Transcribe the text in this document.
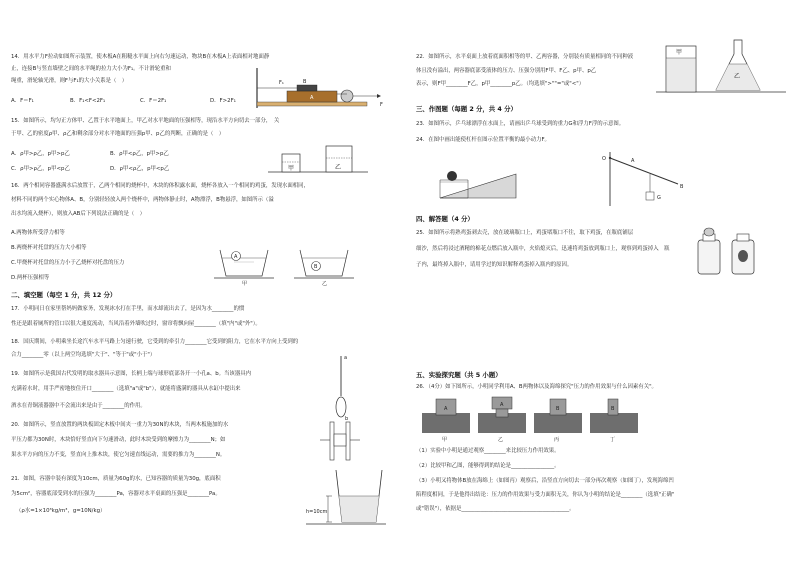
14．用水平力F拉动如图所示装置，使木板A在粗糙水平面上向右匀速运动，物块B在木板A上表面相对地面静
止，连接B与竖直墙壁之间的水平绳的拉力大小为F₁。不计滑轮重和
绳重，滑轮轴光滑，则F与F₁的大小关系是（　）
A．F＝F₁	B．F₁<F<2F₁	C．F＝2F₁	D．F>2F₁
F₁	B
A
F
15．如图所示，均匀正方体甲、乙置于水平地面上，甲乙对水平地面的压强相等，现沿水平方向切去一部分，　关
于甲、乙的密度ρ甲、ρ乙和剩余部分对水平地面的压强p甲、p乙的判断，正确的是（　）
A．ρ甲>ρ乙，p甲>p乙	B．ρ甲<ρ乙，p甲>p乙
C．ρ甲>ρ乙，p甲<p乙	D．ρ甲<ρ乙，p甲<p乙	甲	乙
16．两个相同容器盛满水后放置于，乙两个相同的烧杯中，木块的体积露水面，烧杯各放入一个相同的鸡蛋，发现水面相同，
材料不同的两个实心物体A、B，分别轻轻放入两个烧杯中，两物体静止时，A物漂浮，B物悬浮，如图所示（溢
出水均流入烧杯），则放入AB后下列说法正确的是（　）
A.两物体所受浮力相等
B.两烧杯对托盘的压力大小相等
C.甲烧杯对托盘的压力小于乙烧杯对托盘的压力
D.两杯压强相等
A
甲
B
乙
二、填空题（每空 1 分，共 12 分）
17．小明同日在家里帮妈妈做家务，发现冰水打在手里，而水却流出去了，是因为水________的惯
性还是跟着厕所的管口以很大速度流动，当风沿着外墙吹过时，窗帘将飘向屋________（填"内"或"外"）。
18．国庆期间，小明乘坐长途汽车水平马路上匀速行驶，它受到的牵引力________它受到的阻力，它在水平方向上受到的
合力________零（以上两空均选填"大于"、"等于"或"小于"）
19．如图所示是我国古代发明的取水器具示意图，长柄上端与球形底部各开一小孔a、b。当该器具内
充满着水时，用手严密地按住开口________（选填"a"或"b"），就能将盛满的器具从水缸中提出来
酒水在青铜液器器中不会流出来是由于________的作用。
a
b
20．如图所示，竖直放置的两块板固定木板中间夹一重力为30N的木块，当两木板施加的水
平压力都为30N时，木块恰好竖直向下匀速滑动，此时木块受到的摩擦力为________N；如
果水平方向的压力不变，竖直向上推木块，使它匀速直线运动，需要的推力为________N。
21．如图，容器中装有深度为10cm，质量为60g的水，已知容器的质量为30g，底面积
为5cm²，容器底部受到水的压强为________Pa，容器对水平桌面的压强是________Pa。
（ρ水=1×10³kg/m³，g=10N/kg）	h=10cm
22．如图所示，水平桌面上放着底面积相等的甲、乙两容器，分别装有质量相同的不同种液
体且没有溢出，两容器底部受液体的压力、压强分别用F甲、F乙、p甲、p乙
表示，则F甲________F乙，p甲________p乙。（均选填">""="或"<"）
甲
乙
三、作图题（每题 2 分，共 4 分）
23．如图所示，乒乓球漂浮在水面上，请画出乒乓球受到的重力G和浮力F浮的示意图。
24．在图中画出能使杠杆在图示位置平衡的最小动力F。
O	A
B
G
四、解答题（4 分）
25．如图所示将熟鸡蛋剥去壳，放在玻璃瓶口上，鸡蛋堵瓶口不往，取下鸡蛋，在瓶底铺层
细沙，然后将浸过酒精的棉花点燃后放入瓶中，火焰熄灭后，迅速将鸡蛋放到瓶口上，观察到鸡蛋掉入　瓶
子内，最终掉入瓶中，请用学过的知识解释鸡蛋掉入瓶内的原因。
五、实验探究题（共 5 小题）
26．（4分）如下图所示，小明同学利用A、B两物体以及海绵探究"压力的作用效果与什么因素有关"。
A
A
B	B
甲	乙	丙	丁
（1）实验中小明是通过观察________来比较压力作用效果。
（2）比较甲和乙图，能够得到的结论是________________。
（3）小明又将物体B放在海绵上（如图丙）观察后，沿竖直方向切去一部分再次观察（如图丁），发现海绵凹
陷程度相同，于是他得出结论：压力的作用效果与受力面积无关，你认为小明的结论是________（选填"正确"
或"错误"），依据是________________________________________。
